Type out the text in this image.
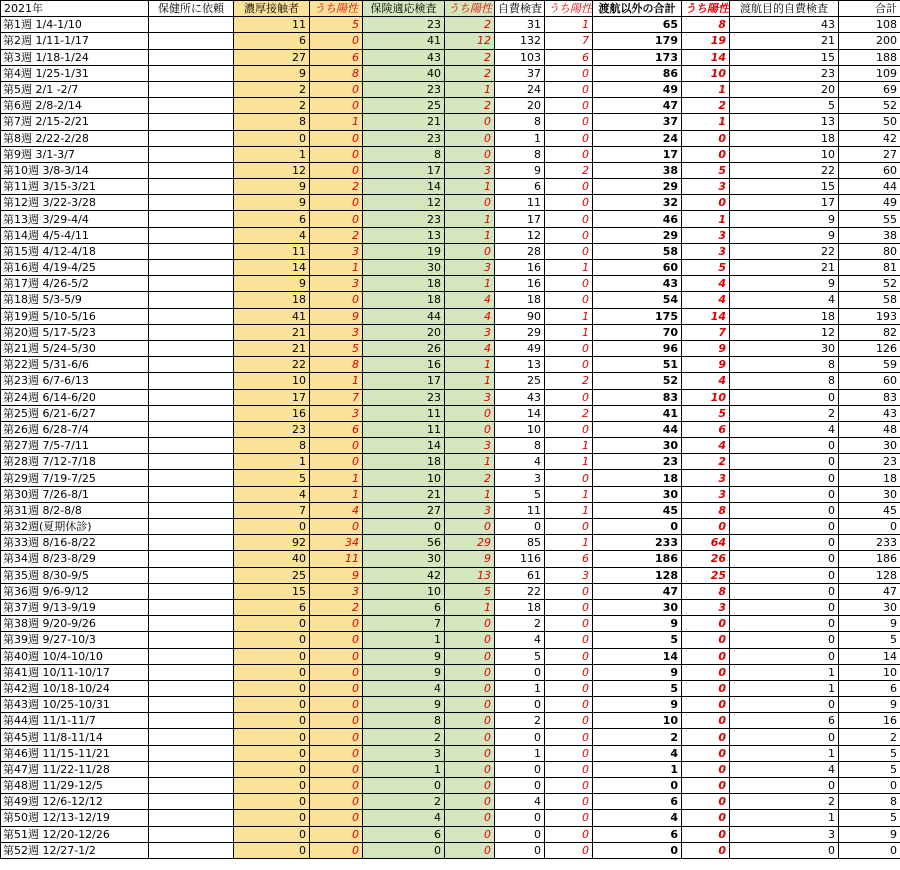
2021年	保健所に依頼	濃厚接触者	うち陽性	保険適応検査	うち陽性	自費検査	うち陽性	渡航以外の合計	うち陽性	渡航目的自費検査	合計
第1週 1/4-1/10		11	5	23	2	31	1	65	8	43	108
第2週 1/11-1/17		6	0	41	12	132	7	179	19	21	200
第3週 1/18-1/24		27	6	43	2	103	6	173	14	15	188
第4週 1/25-1/31		9	8	40	2	37	0	86	10	23	109
第5週 2/1 -2/7		2	0	23	1	24	0	49	1	20	69
第6週 2/8-2/14		2	0	25	2	20	0	47	2	5	52
第7週 2/15-2/21		8	1	21	0	8	0	37	1	13	50
第8週 2/22-2/28		0	0	23	0	1	0	24	0	18	42
第9週 3/1-3/7		1	0	8	0	8	0	17	0	10	27
第10週 3/8-3/14		12	0	17	3	9	2	38	5	22	60
第11週 3/15-3/21		9	2	14	1	6	0	29	3	15	44
第12週 3/22-3/28		9	0	12	0	11	0	32	0	17	49
第13週 3/29-4/4		6	0	23	1	17	0	46	1	9	55
第14週 4/5-4/11		4	2	13	1	12	0	29	3	9	38
第15週 4/12-4/18		11	3	19	0	28	0	58	3	22	80
第16週 4/19-4/25		14	1	30	3	16	1	60	5	21	81
第17週 4/26-5/2		9	3	18	1	16	0	43	4	9	52
第18週 5/3-5/9		18	0	18	4	18	0	54	4	4	58
第19週 5/10-5/16		41	9	44	4	90	1	175	14	18	193
第20週 5/17-5/23		21	3	20	3	29	1	70	7	12	82
第21週 5/24-5/30		21	5	26	4	49	0	96	9	30	126
第22週 5/31-6/6		22	8	16	1	13	0	51	9	8	59
第23週 6/7-6/13		10	1	17	1	25	2	52	4	8	60
第24週 6/14-6/20		17	7	23	3	43	0	83	10	0	83
第25週 6/21-6/27		16	3	11	0	14	2	41	5	2	43
第26週 6/28-7/4		23	6	11	0	10	0	44	6	4	48
第27週 7/5-7/11		8	0	14	3	8	1	30	4	0	30
第28週 7/12-7/18		1	0	18	1	4	1	23	2	0	23
第29週 7/19-7/25		5	1	10	2	3	0	18	3	0	18
第30週 7/26-8/1		4	1	21	1	5	1	30	3	0	30
第31週 8/2-8/8		7	4	27	3	11	1	45	8	0	45
第32週(夏期休診)		0	0	0	0	0	0	0	0	0	0
第33週 8/16-8/22		92	34	56	29	85	1	233	64	0	233
第34週 8/23-8/29		40	11	30	9	116	6	186	26	0	186
第35週 8/30-9/5		25	9	42	13	61	3	128	25	0	128
第36週 9/6-9/12		15	3	10	5	22	0	47	8	0	47
第37週 9/13-9/19		6	2	6	1	18	0	30	3	0	30
第38週 9/20-9/26		0	0	7	0	2	0	9	0	0	9
第39週 9/27-10/3		0	0	1	0	4	0	5	0	0	5
第40週 10/4-10/10		0	0	9	0	5	0	14	0	0	14
第41週 10/11-10/17		0	0	9	0	0	0	9	0	1	10
第42週 10/18-10/24		0	0	4	0	1	0	5	0	1	6
第43週 10/25-10/31		0	0	9	0	0	0	9	0	0	9
第44週 11/1-11/7		0	0	8	0	2	0	10	0	6	16
第45週 11/8-11/14		0	0	2	0	0	0	2	0	0	2
第46週 11/15-11/21		0	0	3	0	1	0	4	0	1	5
第47週 11/22-11/28		0	0	1	0	0	0	1	0	4	5
第48週 11/29-12/5		0	0	0	0	0	0	0	0	0	0
第49週 12/6-12/12		0	0	2	0	4	0	6	0	2	8
第50週 12/13-12/19		0	0	4	0	0	0	4	0	1	5
第51週 12/20-12/26		0	0	6	0	0	0	6	0	3	9
第52週 12/27-1/2		0	0	0	0	0	0	0	0	0	0
